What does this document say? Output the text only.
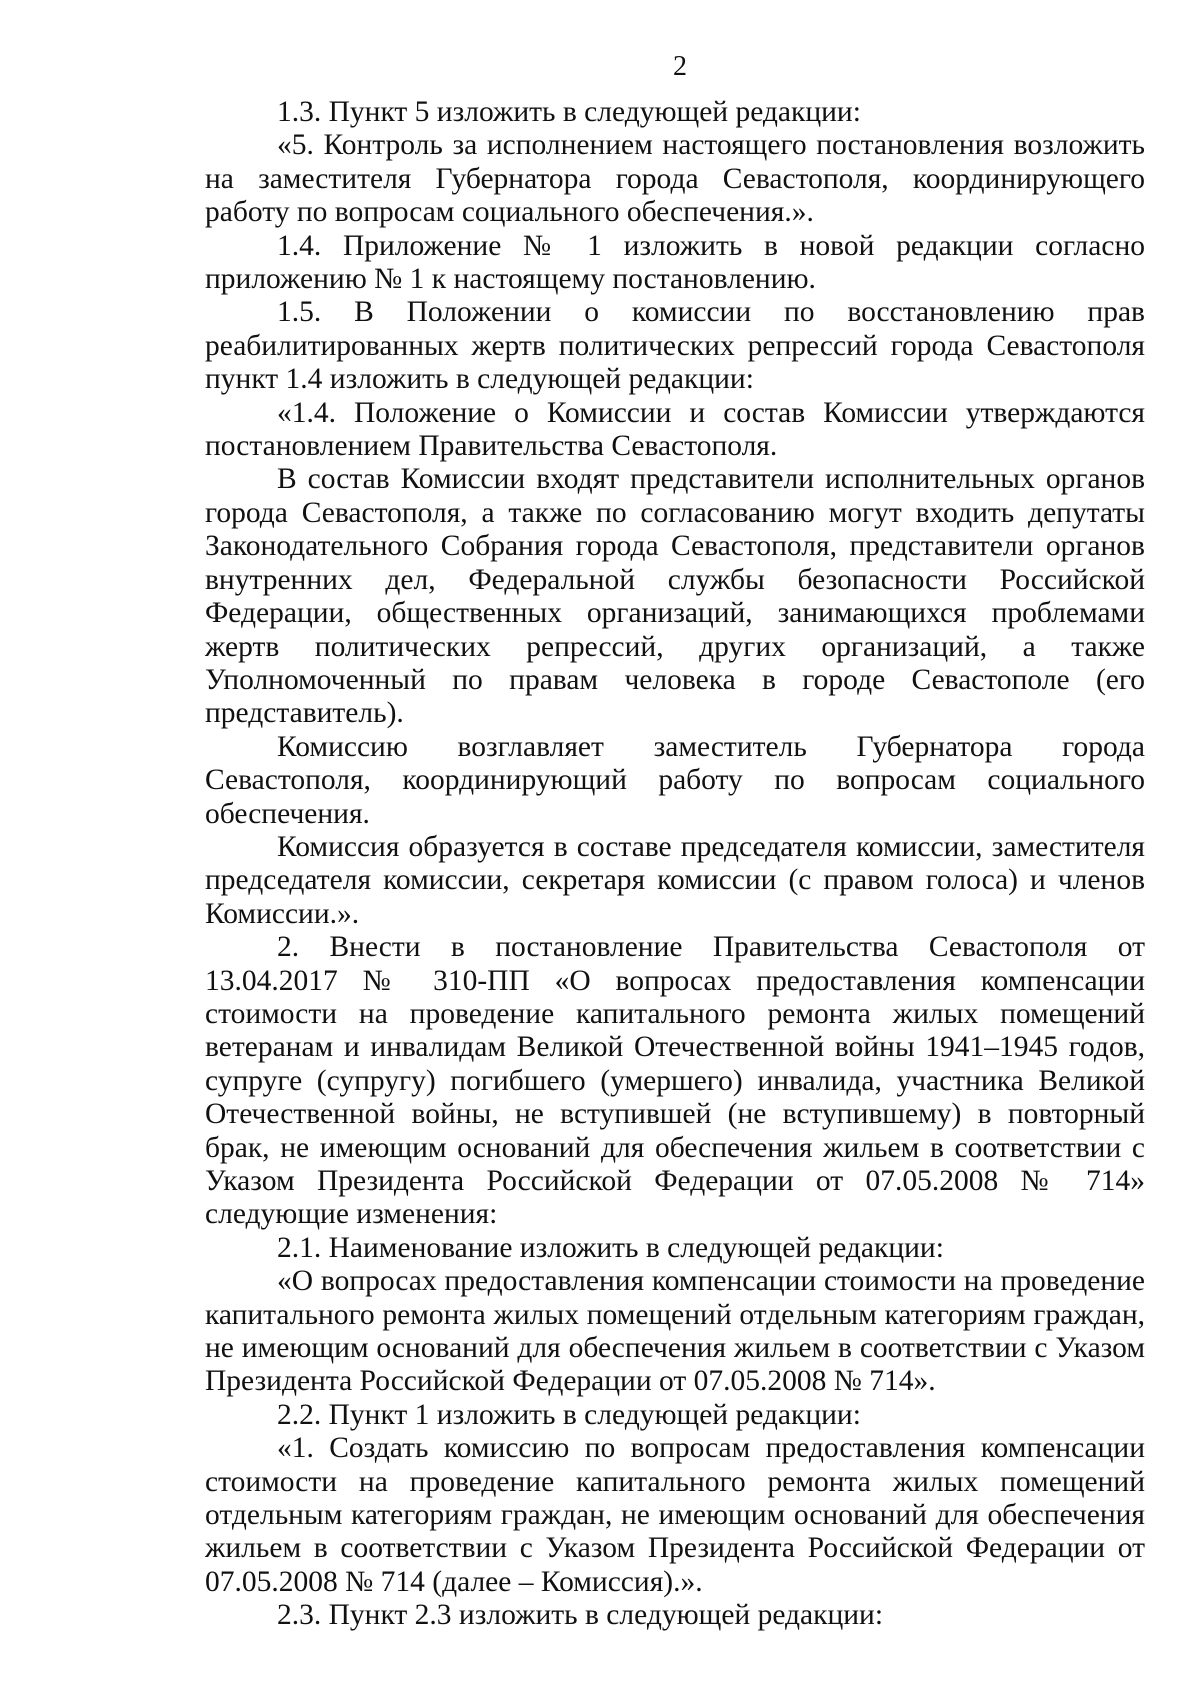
2

1.3. Пункт 5 изложить в следующей редакции:

«5. Контроль за исполнением настоящего постановления возложить на заместителя Губернатора города Севастополя, координирующего работу по вопросам социального обеспечения.».

1.4. Приложение № 1 изложить в новой редакции согласно приложению № 1 к настоящему постановлению.

1.5. В Положении о комиссии по восстановлению прав реабилитированных жертв политических репрессий города Севастополя пункт 1.4 изложить в следующей редакции:

«1.4. Положение о Комиссии и состав Комиссии утверждаются постановлением Правительства Севастополя.

В состав Комиссии входят представители исполнительных органов города Севастополя, а также по согласованию могут входить депутаты Законодательного Собрания города Севастополя, представители органов внутренних дел, Федеральной службы безопасности Российской Федерации, общественных организаций, занимающихся проблемами жертв политических репрессий, других организаций, а также Уполномоченный по правам человека в городе Севастополе (его представитель).

Комиссию возглавляет заместитель Губернатора города Севастополя, координирующий работу по вопросам социального обеспечения.

Комиссия образуется в составе председателя комиссии, заместителя председателя комиссии, секретаря комиссии (с правом голоса) и членов Комиссии.».

2. Внести в постановление Правительства Севастополя от 13.04.2017 № 310-ПП «О вопросах предоставления компенсации стоимости на проведение капитального ремонта жилых помещений ветеранам и инвалидам Великой Отечественной войны 1941–1945 годов, супруге (супругу) погибшего (умершего) инвалида, участника Великой Отечественной войны, не вступившей (не вступившему) в повторный брак, не имеющим оснований для обеспечения жильем в соответствии с Указом Президента Российской Федерации от 07.05.2008 № 714» следующие изменения:

2.1. Наименование изложить в следующей редакции:

«О вопросах предоставления компенсации стоимости на проведение капитального ремонта жилых помещений отдельным категориям граждан, не имеющим оснований для обеспечения жильем в соответствии с Указом Президента Российской Федерации от 07.05.2008 № 714».

2.2. Пункт 1 изложить в следующей редакции:

«1. Создать комиссию по вопросам предоставления компенсации стоимости на проведение капитального ремонта жилых помещений отдельным категориям граждан, не имеющим оснований для обеспечения жильем в соответствии с Указом Президента Российской Федерации от 07.05.2008 № 714 (далее – Комиссия).».

2.3. Пункт 2.3 изложить в следующей редакции:
